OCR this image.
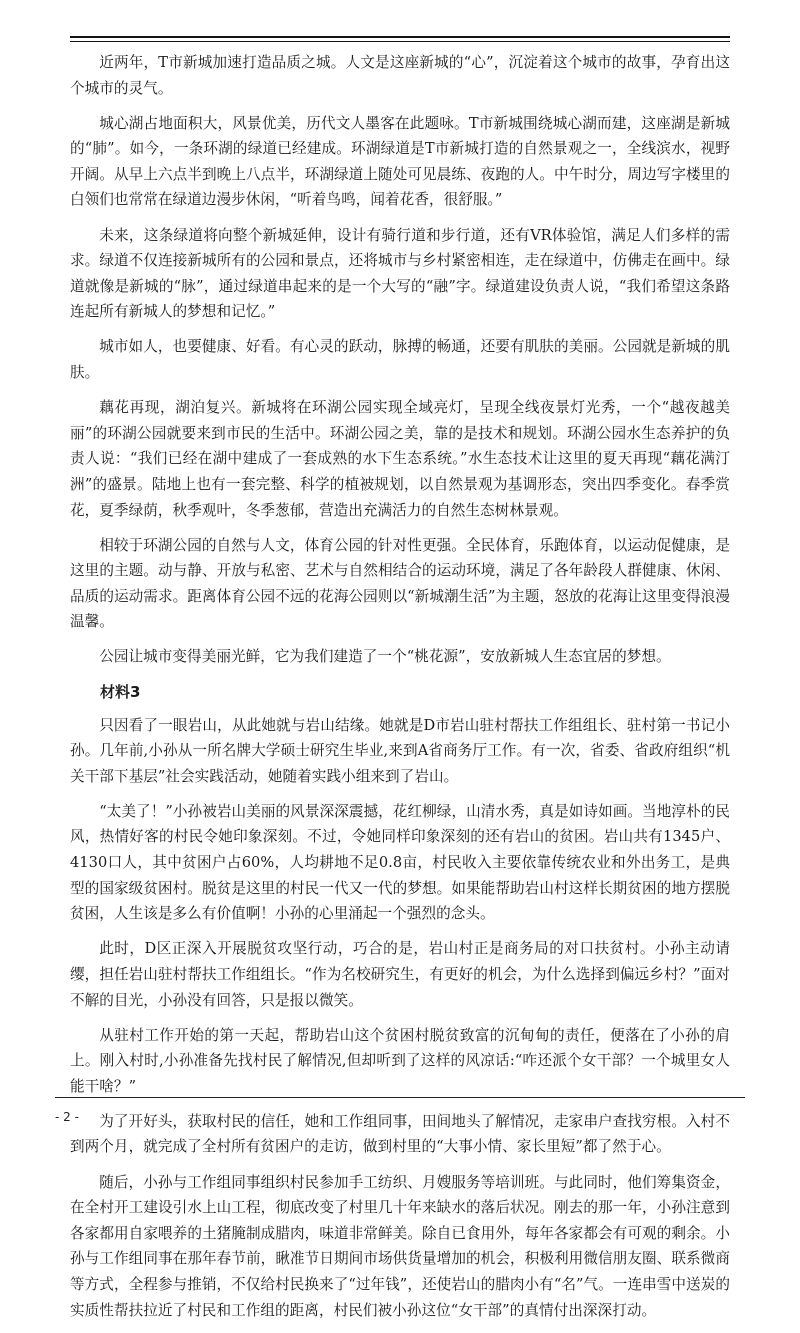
近两年，T市新城加速打造品质之城。人文是这座新城的“心”，沉淀着这个城市的故事，孕育出这个城市的灵气。

城心湖占地面积大，风景优美，历代文人墨客在此题咏。T市新城围绕城心湖而建，这座湖是新城的“肺”。如今，一条环湖的绿道已经建成。环湖绿道是T市新城打造的自然景观之一，全线滨水，视野开阔。从早上六点半到晚上八点半，环湖绿道上随处可见晨练、夜跑的人。中午时分，周边写字楼里的白领们也常常在绿道边漫步休闲，“听着鸟鸣，闻着花香，很舒服。”

未来，这条绿道将向整个新城延伸，设计有骑行道和步行道，还有VR体验馆，满足人们多样的需求。绿道不仅连接新城所有的公园和景点，还将城市与乡村紧密相连，走在绿道中，仿佛走在画中。绿道就像是新城的“脉”，通过绿道串起来的是一个大写的“融”字。绿道建设负责人说，“我们希望这条路连起所有新城人的梦想和记忆。”

城市如人，也要健康、好看。有心灵的跃动，脉搏的畅通，还要有肌肤的美丽。公园就是新城的肌肤。

藕花再现，湖泊复兴。新城将在环湖公园实现全域亮灯，呈现全线夜景灯光秀，一个“越夜越美丽”的环湖公园就要来到市民的生活中。环湖公园之美，靠的是技术和规划。环湖公园水生态养护的负责人说：“我们已经在湖中建成了一套成熟的水下生态系统。”水生态技术让这里的夏天再现“藕花满汀洲”的盛景。陆地上也有一套完整、科学的植被规划，以自然景观为基调形态，突出四季变化。春季赏花，夏季绿荫，秋季观叶，冬季葱郁，营造出充满活力的自然生态树林景观。

相较于环湖公园的自然与人文，体育公园的针对性更强。全民体育，乐跑体育，以运动促健康，是这里的主题。动与静、开放与私密、艺术与自然相结合的运动环境，满足了各年龄段人群健康、休闲、品质的运动需求。距离体育公园不远的花海公园则以“新城潮生活”为主题，怒放的花海让这里变得浪漫温馨。

公园让城市变得美丽光鲜，它为我们建造了一个“桃花源”，安放新城人生态宜居的梦想。

材料3

只因看了一眼岩山，从此她就与岩山结缘。她就是D市岩山驻村帮扶工作组组长、驻村第一书记小孙。几年前,小孙从一所名牌大学硕士研究生毕业,来到A省商务厅工作。有一次，省委、省政府组织“机关干部下基层”社会实践活动，她随着实践小组来到了岩山。

“太美了！”小孙被岩山美丽的风景深深震撼，花红柳绿，山清水秀，真是如诗如画。当地淳朴的民风，热情好客的村民令她印象深刻。不过，令她同样印象深刻的还有岩山的贫困。岩山共有1345户、4130口人，其中贫困户占60%，人均耕地不足0.8亩，村民收入主要依靠传统农业和外出务工，是典型的国家级贫困村。脱贫是这里的村民一代又一代的梦想。如果能帮助岩山村这样长期贫困的地方摆脱贫困，人生该是多么有价值啊！小孙的心里涌起一个强烈的念头。

此时，D区正深入开展脱贫攻坚行动，巧合的是，岩山村正是商务局的对口扶贫村。小孙主动请缨，担任岩山驻村帮扶工作组组长。“作为名校研究生，有更好的机会，为什么选择到偏远乡村？”面对不解的目光，小孙没有回答，只是报以微笑。

从驻村工作开始的第一天起，帮助岩山这个贫困村脱贫致富的沉甸甸的责任，便落在了小孙的肩上。刚入村时,小孙准备先找村民了解情况,但却听到了这样的风凉话:“咋还派个女干部？一个城里女人能干啥？”

为了开好头，获取村民的信任，她和工作组同事，田间地头了解情况，走家串户查找穷根。入村不到两个月，就完成了全村所有贫困户的走访，做到村里的“大事小情、家长里短”都了然于心。

随后，小孙与工作组同事组织村民参加手工纺织、月嫂服务等培训班。与此同时，他们筹集资金，在全村开工建设引水上山工程，彻底改变了村里几十年来缺水的落后状况。刚去的那一年，小孙注意到各家都用自家喂养的土猪腌制成腊肉，味道非常鲜美。除自已食用外，每年各家都会有可观的剩余。小孙与工作组同事在那年春节前，瞅准节日期间市场供货量增加的机会，积极利用微信朋友圈、联系微商等方式，全程参与推销，不仅给村民换来了“过年钱”，还使岩山的腊肉小有“名”气。一连串雪中送炭的实质性帮扶拉近了村民和工作组的距离，村民们被小孙这位“女干部”的真情付出深深打动。

- 2 -
